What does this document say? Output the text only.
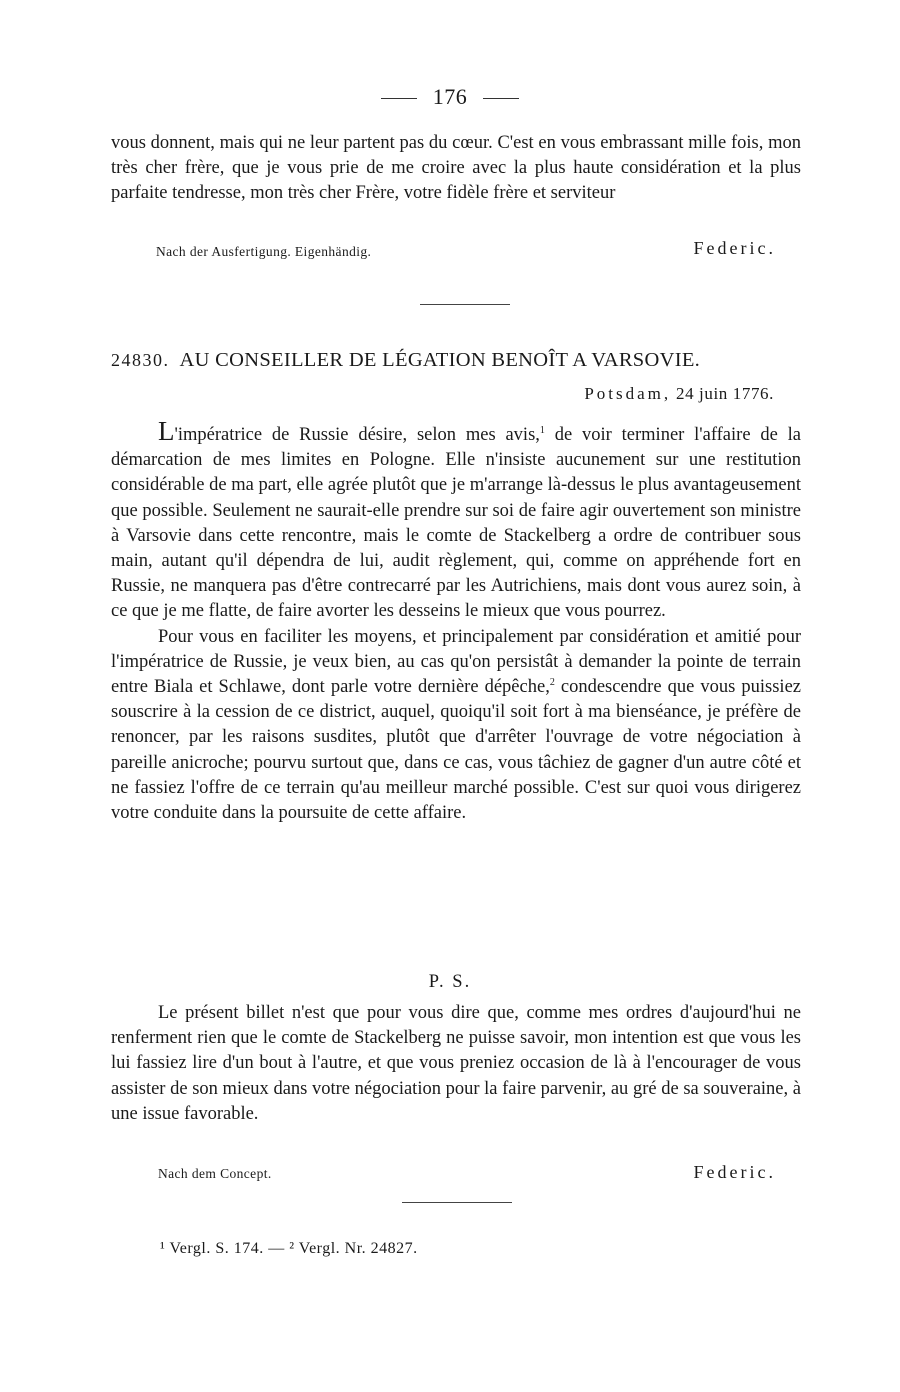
176

vous donnent, mais qui ne leur partent pas du cœur. C'est en vous embrassant mille fois, mon très cher frère, que je vous prie de me croire avec la plus haute considération et la plus parfaite tendresse, mon très cher Frère, votre fidèle frère et serviteur

Nach der Ausfertigung. Eigenhändig.	Federic.
24830. AU CONSEILLER DE LÉGATION BENOÎT A VARSOVIE.
Potsdam, 24 juin 1776.

L'impératrice de Russie désire, selon mes avis,$^1$ de voir terminer l'affaire de la démarcation de mes limites en Pologne. Elle n'insiste aucunement sur une restitution considérable de ma part, elle agrée plutôt que je m'arrange là-dessus le plus avantageusement que possible. Seulement ne saurait-elle prendre sur soi de faire agir ouvertement son ministre à Varsovie dans cette rencontre, mais le comte de Stackelberg a ordre de contribuer sous main, autant qu'il dépendra de lui, audit règlement, qui, comme on appréhende fort en Russie, ne manquera pas d'être contrecarré par les Autrichiens, mais dont vous aurez soin, à ce que je me flatte, de faire avorter les desseins le mieux que vous pourrez.

Pour vous en faciliter les moyens, et principalement par considération et amitié pour l'impératrice de Russie, je veux bien, au cas qu'on persistât à demander la pointe de terrain entre Biala et Schlawe, dont parle votre dernière dépêche,$^2$ condescendre que vous puissiez souscrire à la cession de ce district, auquel, quoiqu'il soit fort à ma bienséance, je préfère de renoncer, par les raisons susdites, plutôt que d'arrêter l'ouvrage de votre négociation à pareille anicroche; pourvu surtout que, dans ce cas, vous tâchiez de gagner d'un autre côté et ne fassiez l'offre de ce terrain qu'au meilleur marché possible. C'est sur quoi vous dirigerez votre conduite dans la poursuite de cette affaire.

P. S.

Le présent billet n'est que pour vous dire que, comme mes ordres d'aujourd'hui ne renferment rien que le comte de Stackelberg ne puisse savoir, mon intention est que vous les lui fassiez lire d'un bout à l'autre, et que vous preniez occasion de là à l'encourager de vous assister de son mieux dans votre négociation pour la faire parvenir, au gré de sa souveraine, à une issue favorable.

Nach dem Concept.	Federic.
¹ Vergl. S. 174. — ² Vergl. Nr. 24827.
